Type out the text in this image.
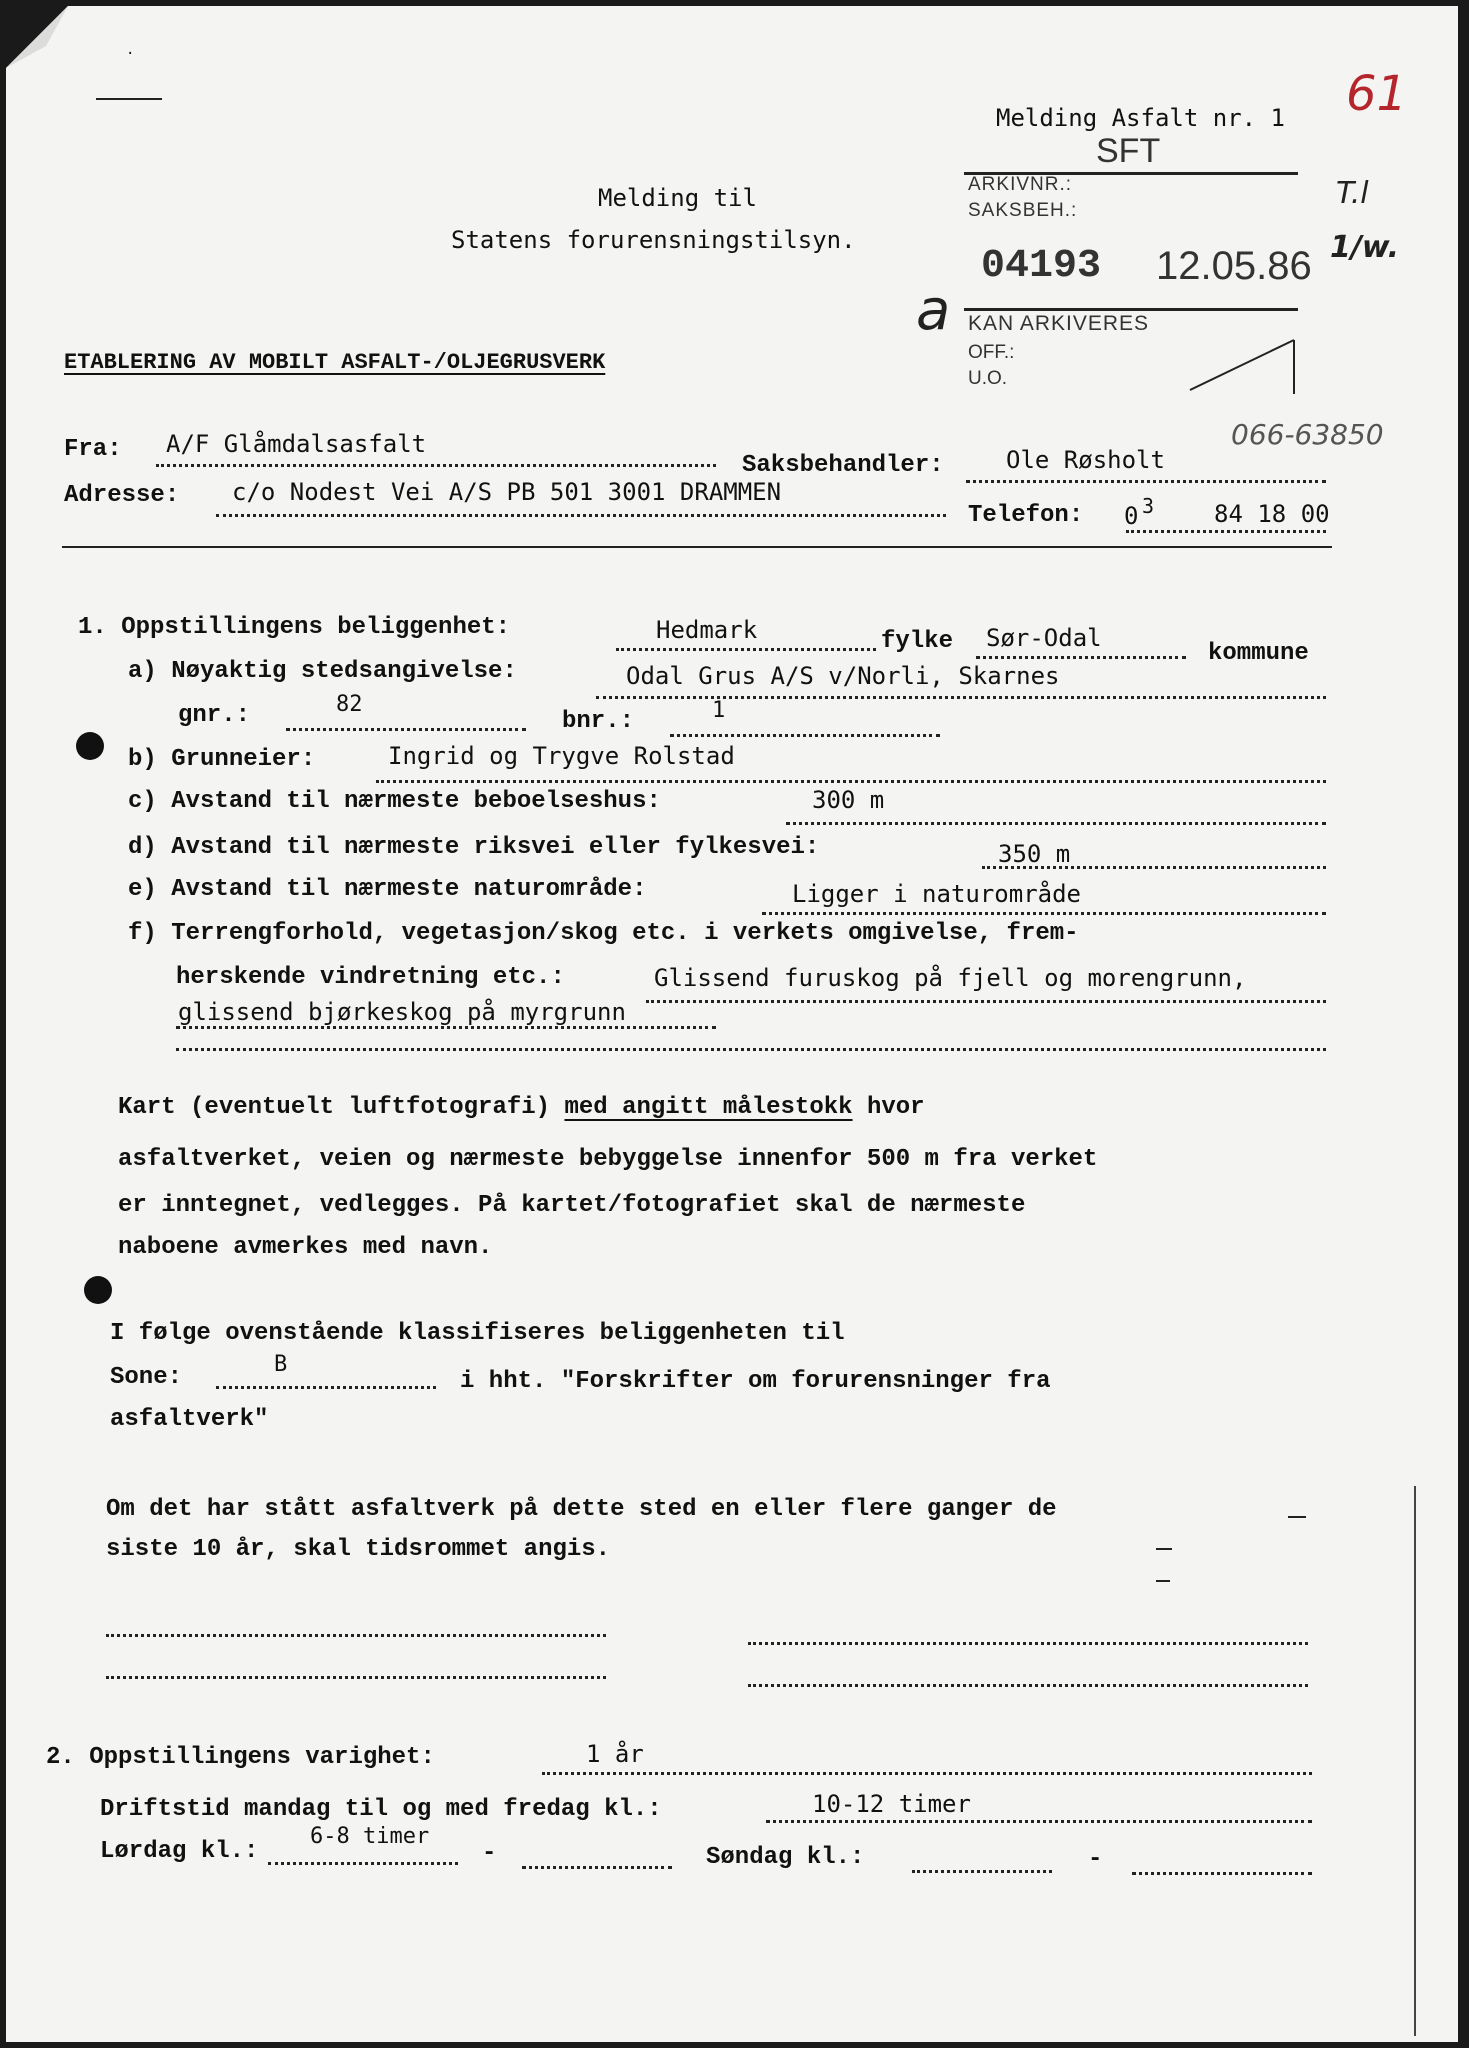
·
Melding Asfalt nr. 1 61
SFT
ARKIVNR.:
SAKSBEH.:
04193 12.05.86
KAN ARKIVERES
OFF.:
U.O.
T.l
1/w.
a
Melding til
Statens forurensningstilsyn.
ETABLERING AV MOBILT ASFALT-/OLJEGRUSVERK
066-63850
Fra: A/F Glåmdalsasfalt
Saksbehandler:	Ole Røsholt
Adresse: c/o Nodest Vei A/S PB 501 3001 DRAMMEN
Telefon: 0 3 84 18 00
1. Oppstillingens beliggenhet:	Hedmark	fylke Sør-Odal
kommune
a) Nøyaktig stedsangivelse:	Odal Grus A/S v/Norli, Skarnes
gnr.:	82
bnr.:	1
b) Grunneier:	Ingrid og Trygve Rolstad
c) Avstand til nærmeste beboelseshus:	300 m
d) Avstand til nærmeste riksvei eller fylkesvei:	350 m
e) Avstand til nærmeste naturområde:	Ligger i naturområde
f) Terrengforhold, vegetasjon/skog etc. i verkets omgivelse, frem-
herskende vindretning etc.:	Glissend furuskog på fjell og morengrunn,
glissend bjørkeskog på myrgrunn
Kart (eventuelt luftfotografi) med angitt målestokk hvor
asfaltverket, veien og nærmeste bebyggelse innenfor 500 m fra verket
er inntegnet, vedlegges. På kartet/fotografiet skal de nærmeste
naboene avmerkes med navn.
I følge ovenstående klassifiseres beliggenheten til
Sone:	B
i hht. "Forskrifter om forurensninger fra
asfaltverk"
Om det har stått asfaltverk på dette sted en eller flere ganger de
siste 10 år, skal tidsrommet angis.
2. Oppstillingens varighet:	1 år
Driftstid mandag til og med fredag kl.:	10-12 timer
Lørdag kl.:
6-8 timer
-	Søndag kl.:	-
